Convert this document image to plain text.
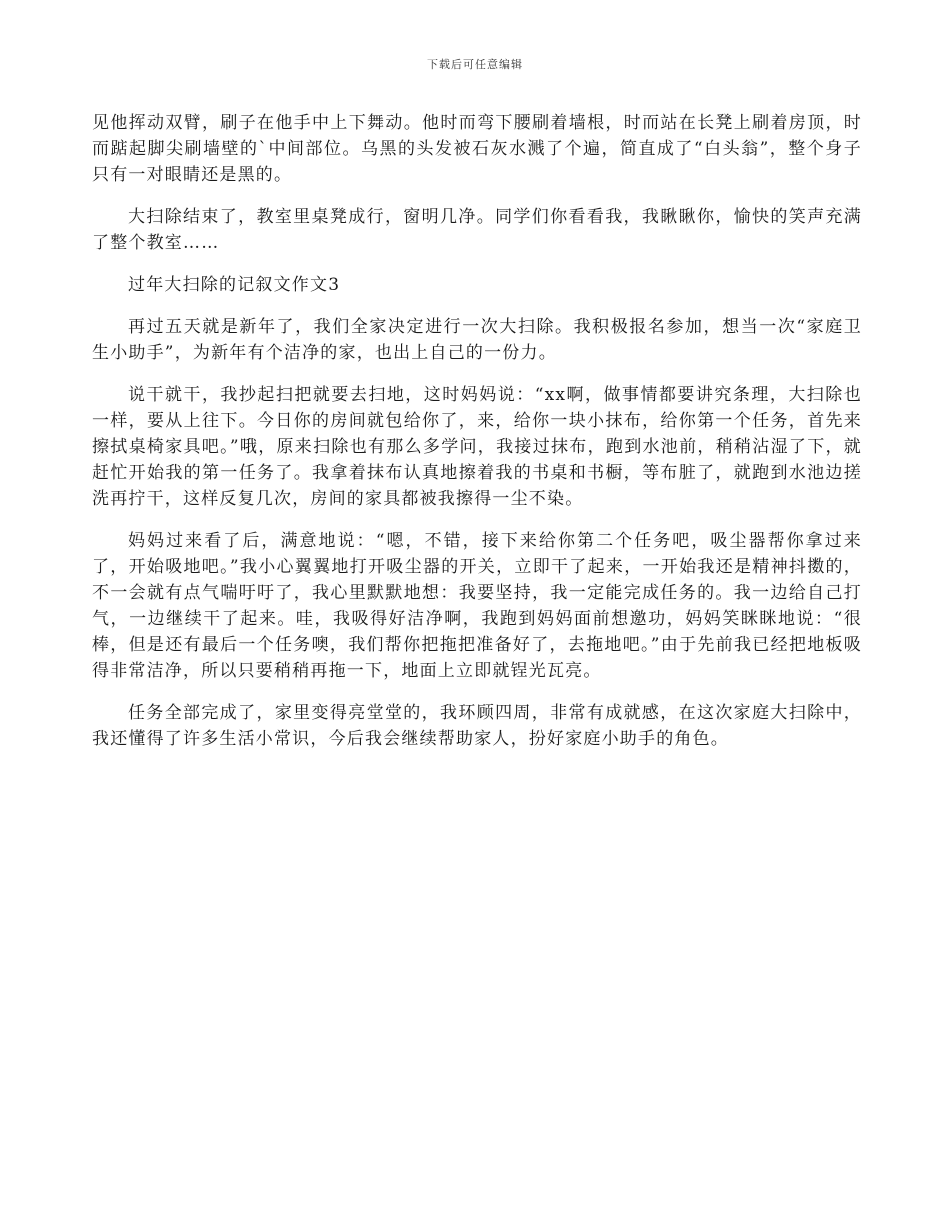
下载后可任意编辑

见他挥动双臂，刷子在他手中上下舞动。他时而弯下腰刷着墙根，时而站在长凳上刷着房顶，时而踮起脚尖刷墙壁的`中间部位。乌黑的头发被石灰水溅了个遍，简直成了“白头翁”，整个身子只有一对眼睛还是黑的。

大扫除结束了，教室里桌凳成行，窗明几净。同学们你看看我，我瞅瞅你，愉快的笑声充满了整个教室……

过年大扫除的记叙文作文3

再过五天就是新年了，我们全家决定进行一次大扫除。我积极报名参加，想当一次“家庭卫生小助手”，为新年有个洁净的家，也出上自己的一份力。

说干就干，我抄起扫把就要去扫地，这时妈妈说：“xx啊，做事情都要讲究条理，大扫除也一样，要从上往下。今日你的房间就包给你了，来，给你一块小抹布，给你第一个任务，首先来擦拭桌椅家具吧。”哦，原来扫除也有那么多学问，我接过抹布，跑到水池前，稍稍沾湿了下，就赶忙开始我的第一任务了。我拿着抹布认真地擦着我的书桌和书橱，等布脏了，就跑到水池边搓洗再拧干，这样反复几次，房间的家具都被我擦得一尘不染。

妈妈过来看了后，满意地说：“嗯，不错，接下来给你第二个任务吧，吸尘器帮你拿过来了，开始吸地吧。”我小心翼翼地打开吸尘器的开关，立即干了起来，一开始我还是精神抖擞的，不一会就有点气喘吁吁了，我心里默默地想：我要坚持，我一定能完成任务的。我一边给自己打气，一边继续干了起来。哇，我吸得好洁净啊，我跑到妈妈面前想邀功，妈妈笑眯眯地说：“很棒，但是还有最后一个任务噢，我们帮你把拖把准备好了，去拖地吧。”由于先前我已经把地板吸得非常洁净，所以只要稍稍再拖一下，地面上立即就锃光瓦亮。

任务全部完成了，家里变得亮堂堂的，我环顾四周，非常有成就感，在这次家庭大扫除中，我还懂得了许多生活小常识，今后我会继续帮助家人，扮好家庭小助手的角色。
